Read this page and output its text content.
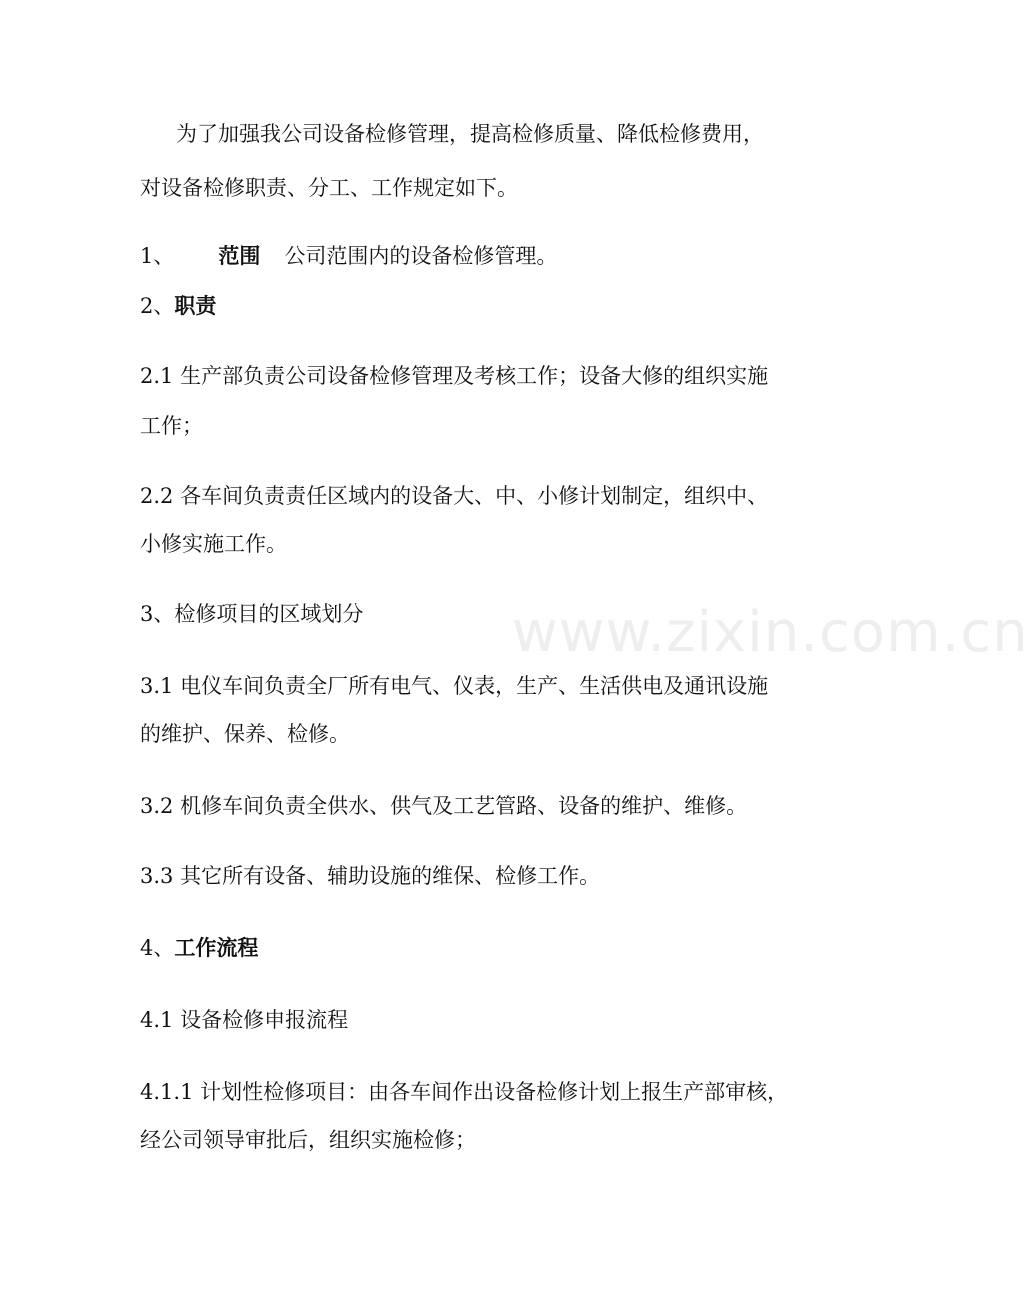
www.zixin.com.cn
为了加强我公司设备检修管理，提高检修质量、降低检修费用，
对设备检修职责、分工、工作规定如下。
1、 范围 公司范围内的设备检修管理。
2、职责
2.1 生产部负责公司设备检修管理及考核工作；设备大修的组织实施
工作；
2.2 各车间负责责任区域内的设备大、中、小修计划制定，组织中、
小修实施工作。
3、检修项目的区域划分
3.1 电仪车间负责全厂所有电气、仪表，生产、生活供电及通讯设施
的维护、保养、检修。
3.2 机修车间负责全供水、供气及工艺管路、设备的维护、维修。
3.3 其它所有设备、辅助设施的维保、检修工作。
4、工作流程
4.1 设备检修申报流程
4.1.1 计划性检修项目：由各车间作出设备检修计划上报生产部审核，
经公司领导审批后，组织实施检修；
